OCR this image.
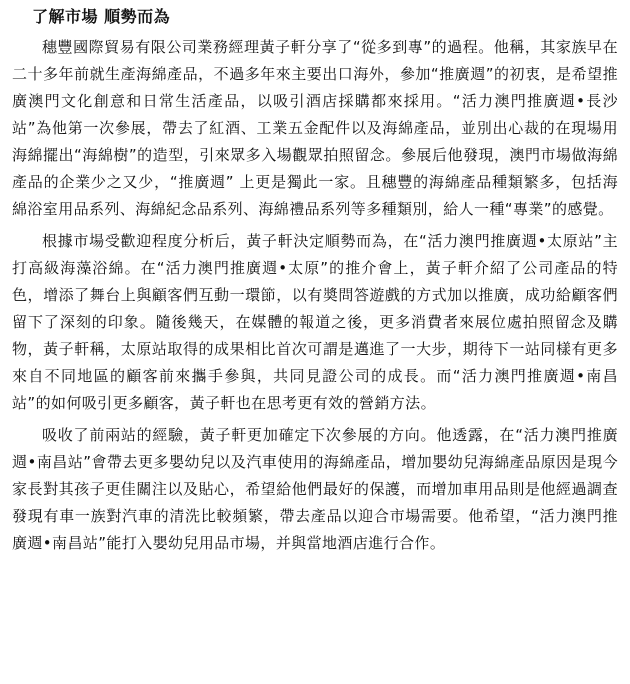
了解市場 順勢而為

穗豐國際貿易有限公司業務經理黃子軒分享了“從多到專”的過程。他稱，其家族早在二十多年前就生產海綿產品，不過多年來主要出口海外，參加“推廣週”的初衷，是希望推廣澳門文化創意和日常生活產品，以吸引酒店採購都來採用。“活力澳門推廣週•長沙站”為他第一次參展，帶去了紅酒、工業五金配件以及海綿產品，並別出心裁的在現場用海綿擺出“海綿樹”的造型，引來眾多入場觀眾拍照留念。參展后他發現，澳門市場做海綿產品的企業少之又少，“推廣週” 上更是獨此一家。且穗豐的海綿產品種類繁多，包括海綿浴室用品系列、海綿紀念品系列、海綿禮品系列等多種類別，給人一種“專業”的感覺。

根據市場受歡迎程度分析后，黃子軒決定順勢而為，在“活力澳門推廣週•太原站”主打高級海藻浴綿。在“活力澳門推廣週•太原”的推介會上，黃子軒介紹了公司產品的特色，增添了舞台上與顧客們互動一環節，以有奬問答遊戲的方式加以推廣，成功給顧客們留下了深刻的印象。隨後幾天，在媒體的報道之後，更多消費者來展位處拍照留念及購物，黃子軒稱，太原站取得的成果相比首次可謂是邁進了一大步，期待下一站同樣有更多來自不同地區的顧客前來攜手參與，共同見證公司的成長。而“活力澳門推廣週•南昌站”的如何吸引更多顧客，黃子軒也在思考更有效的營銷方法。

吸收了前兩站的經驗，黃子軒更加確定下次參展的方向。他透露，在“活力澳門推廣週•南昌站”會帶去更多嬰幼兒以及汽車使用的海綿產品，增加嬰幼兒海綿產品原因是現今家長對其孩子更佳關注以及貼心，希望給他們最好的保護，而增加車用品則是他經過調查發現有車一族對汽車的清洗比較頻繁，帶去產品以迎合市場需要。他希望，“活力澳門推廣週•南昌站”能打入嬰幼兒用品市場，并與當地酒店進行合作。
